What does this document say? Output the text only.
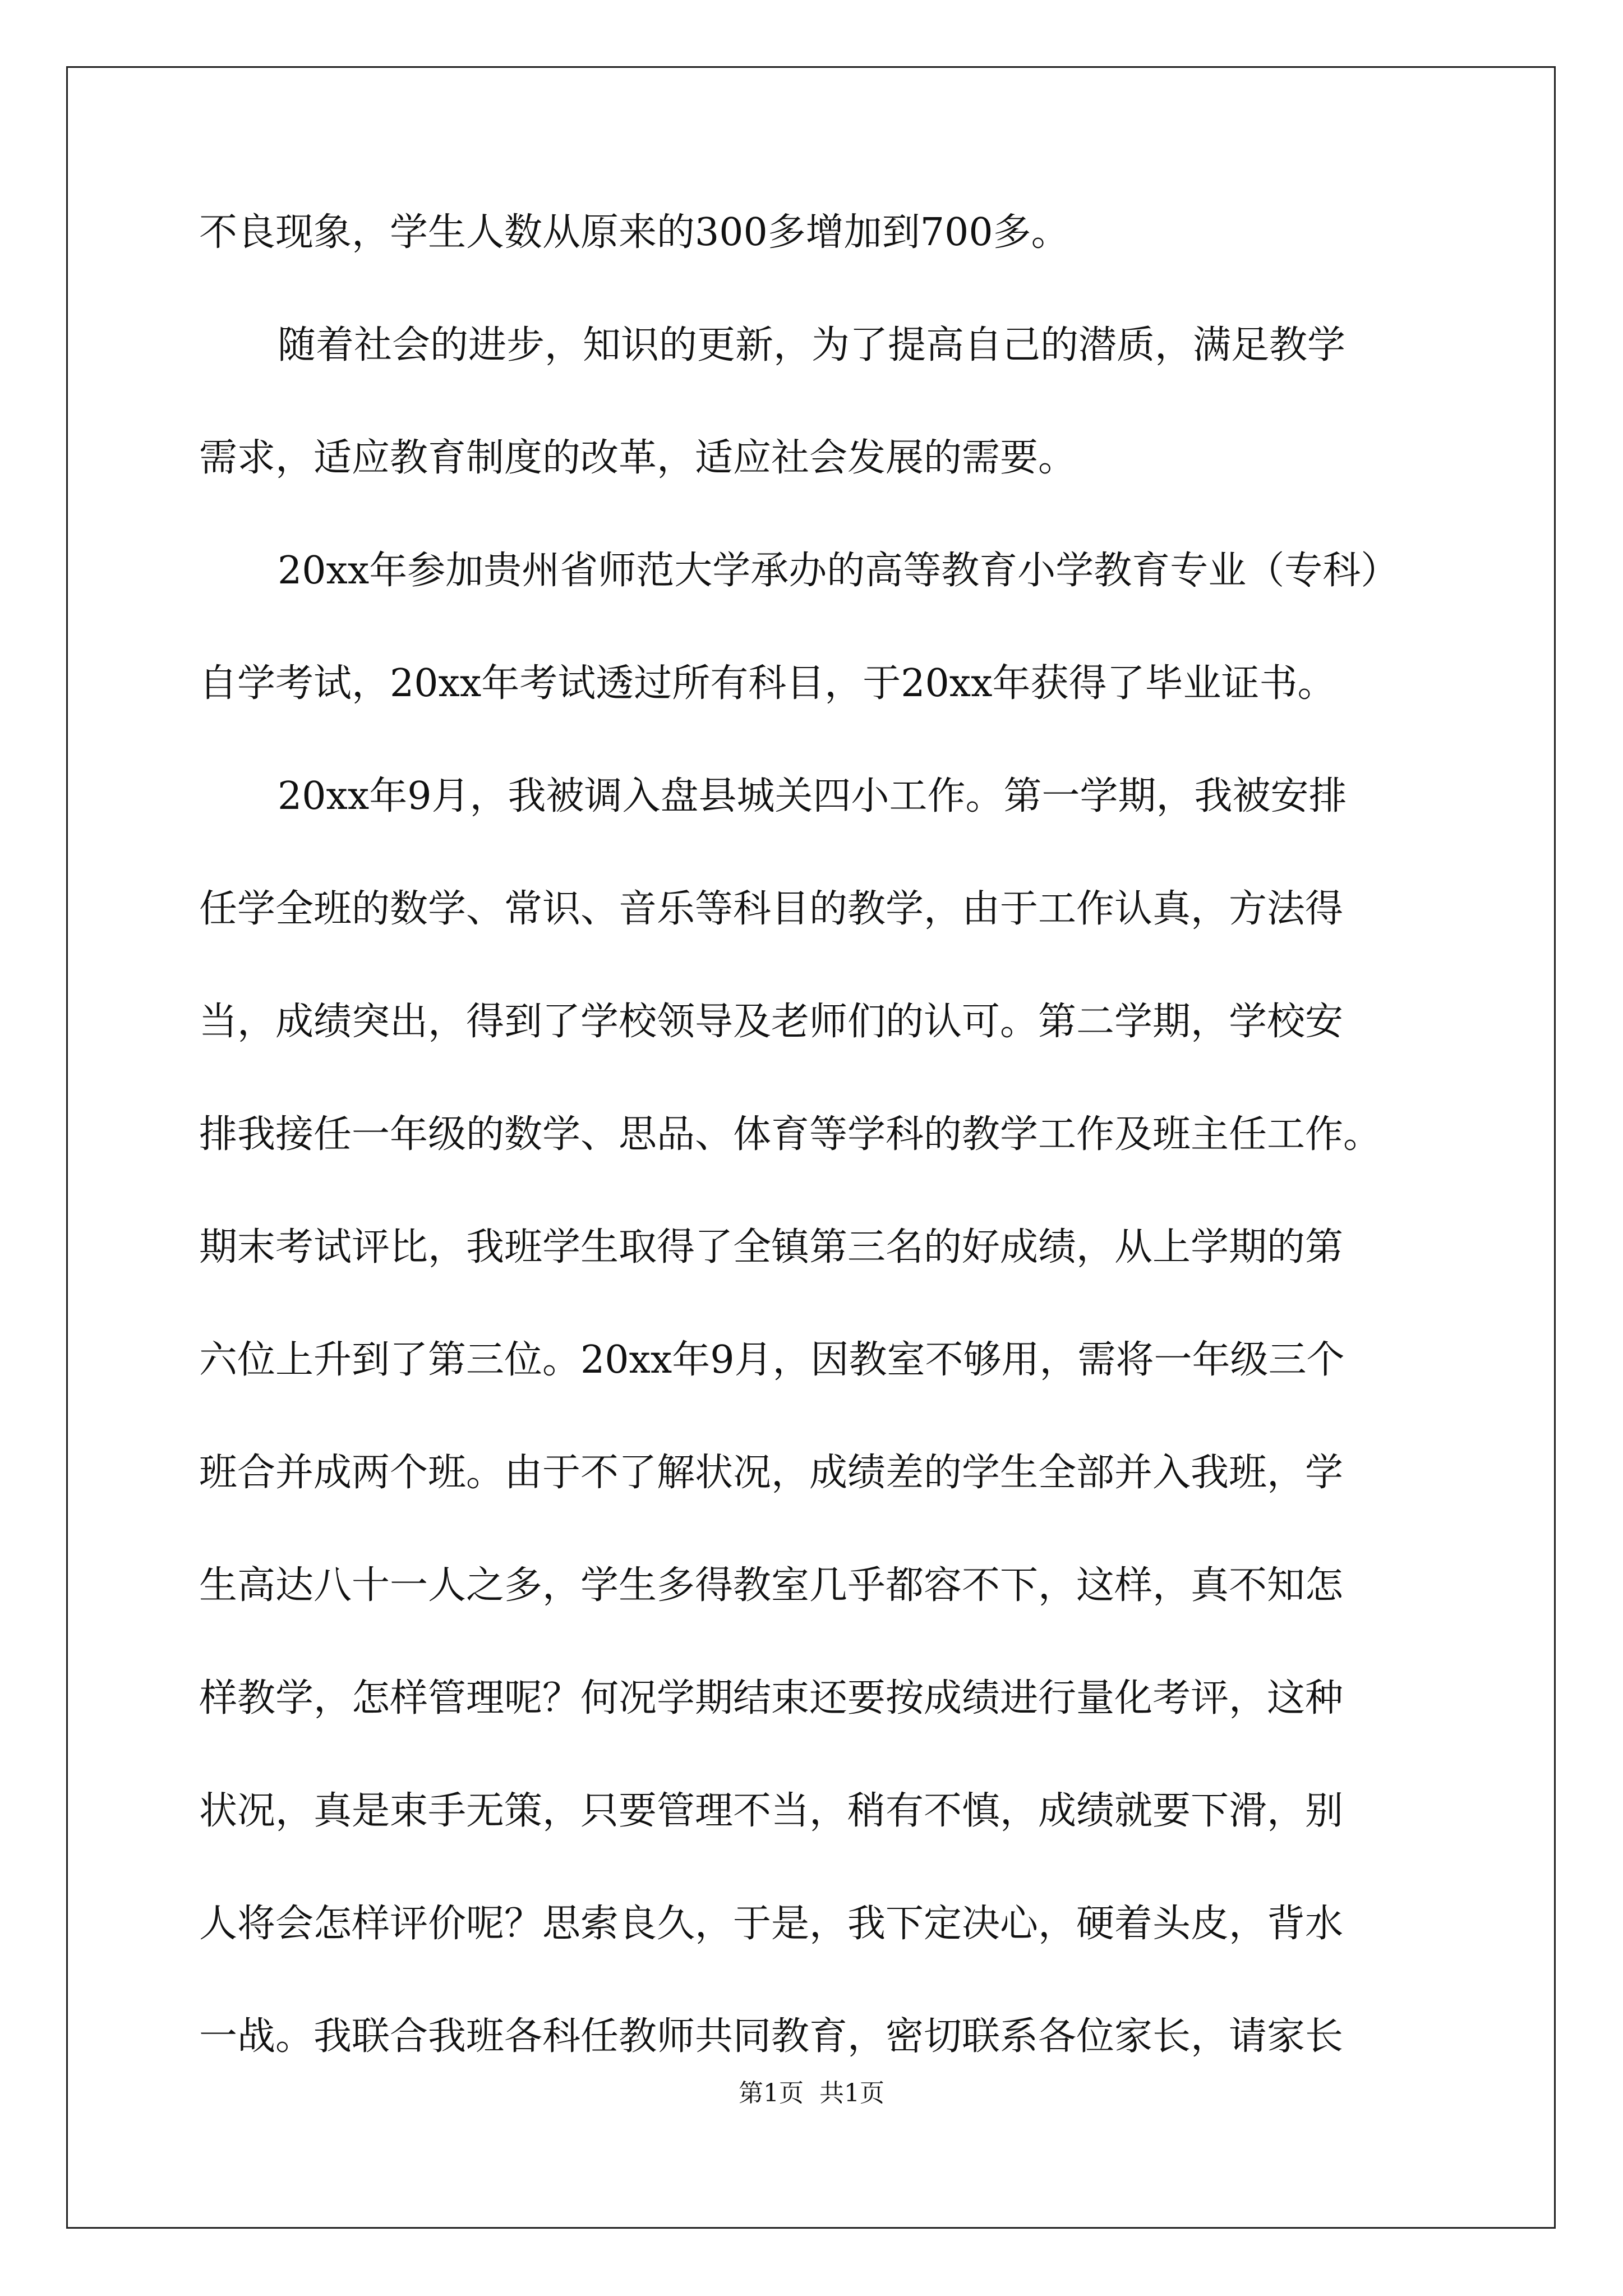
不良现象，学生人数从原来的300多增加到700多。
随着社会的进步，知识的更新，为了提高自己的潜质，满足教学
需求，适应教育制度的改革，适应社会发展的需要。
20xx年参加贵州省师范大学承办的高等教育小学教育专业（专科）
自学考试，20xx年考试透过所有科目，于20xx年获得了毕业证书。
20xx年9月，我被调入盘县城关四小工作。第一学期，我被安排
任学全班的数学、常识、音乐等科目的教学，由于工作认真，方法得
当，成绩突出，得到了学校领导及老师们的认可。第二学期，学校安
排我接任一年级的数学、思品、体育等学科的教学工作及班主任工作。
期末考试评比，我班学生取得了全镇第三名的好成绩，从上学期的第
六位上升到了第三位。20xx年9月，因教室不够用，需将一年级三个
班合并成两个班。由于不了解状况，成绩差的学生全部并入我班，学
生高达八十一人之多，学生多得教室几乎都容不下，这样，真不知怎
样教学，怎样管理呢？何况学期结束还要按成绩进行量化考评，这种
状况，真是束手无策，只要管理不当，稍有不慎，成绩就要下滑，别
人将会怎样评价呢？思索良久，于是，我下定决心，硬着头皮，背水
一战。我联合我班各科任教师共同教育，密切联系各位家长，请家长
第1页 共1页
